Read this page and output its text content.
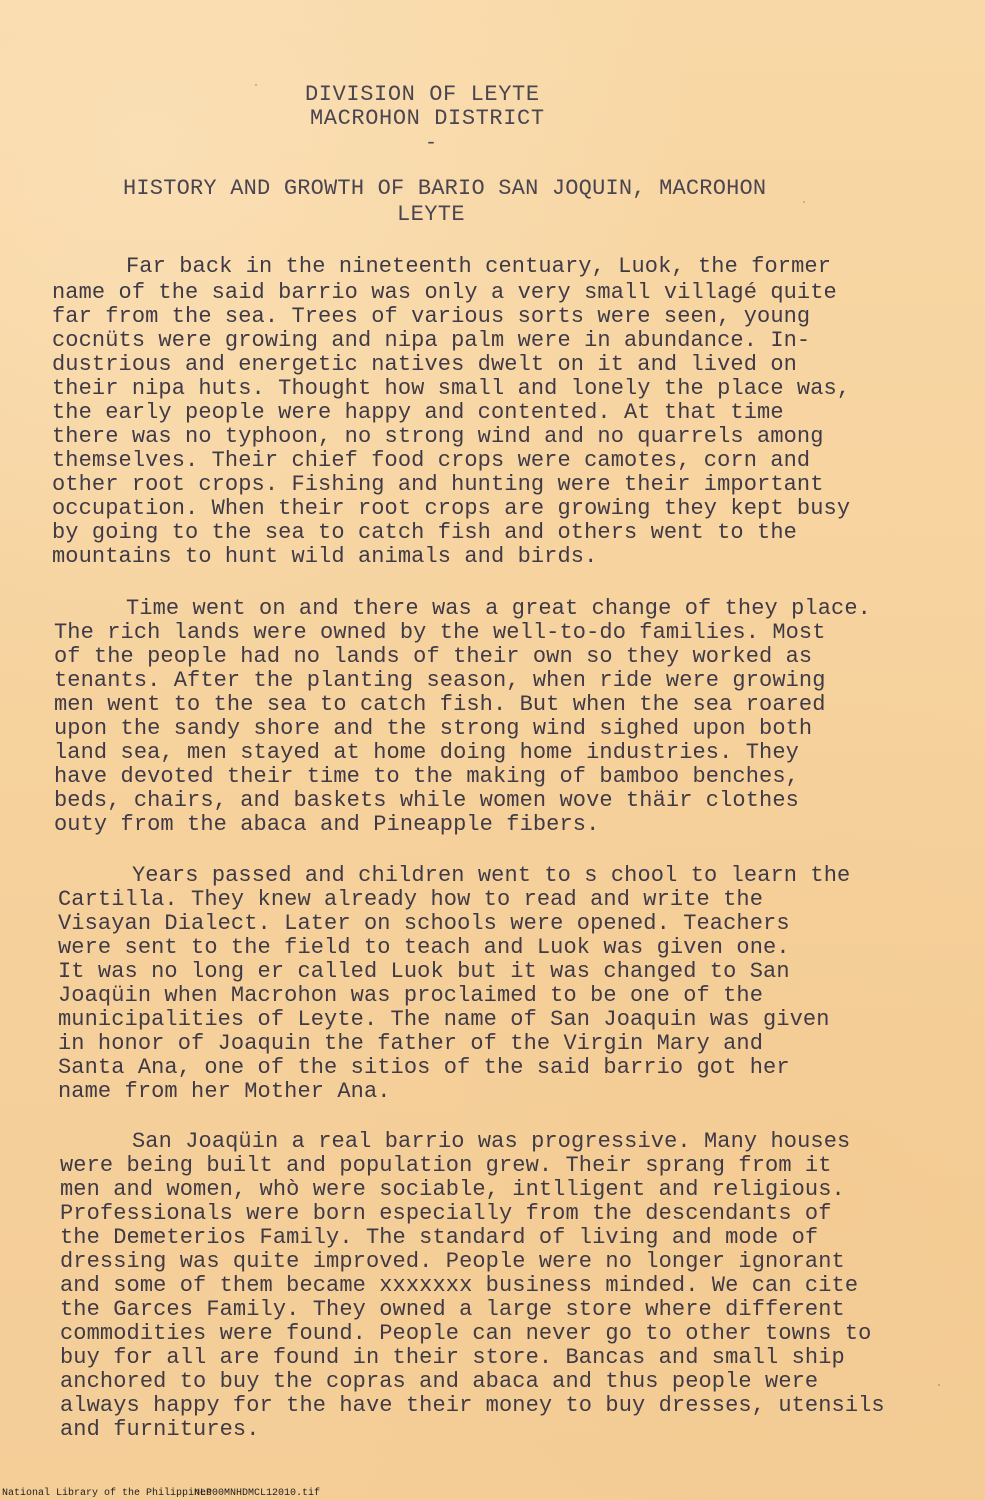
DIVISION OF LEYTE
MACROHON DISTRICT
-
HISTORY AND GROWTH OF BARIO SAN JOQUIN, MACROHON
LEYTE
Far back in the nineteenth centuary, Luok, the former
name of the said barrio was only a very small villagé quite
far from the sea. Trees of various sorts were seen, young
cocnüts were growing and nipa palm were in abundance. In-
dustrious and energetic natives dwelt on it and lived on
their nipa huts. Thought how small and lonely the place was,
the early people were happy and contented. At that time
there was no typhoon, no strong wind and no quarrels among
themselves. Their chief food crops were camotes, corn and
other root crops. Fishing and hunting were their important
occupation. When their root crops are growing they kept busy
by going to the sea to catch fish and others went to the
mountains to hunt wild animals and birds.
Time went on and there was a great change of they place.
The rich lands were owned by the well-to-do families. Most
of the people had no lands of their own so they worked as
tenants. After the planting season, when ride were growing
men went to the sea to catch fish. But when the sea roared
upon the sandy shore and the strong wind sighed upon both
land sea, men stayed at home doing home industries. They
have devoted their time to the making of bamboo benches,
beds, chairs, and baskets while women wove thäir clothes
outy from the abaca and Pineapple fibers.
Years passed and children went to s chool to learn the
Cartilla. They knew already how to read and write the
Visayan Dialect. Later on schools were opened. Teachers
were sent to the field to teach and Luok was given one.
It was no long er called Luok but it was changed to San
Joaqüin when Macrohon was proclaimed to be one of the
municipalities of Leyte. The name of San Joaquin was given
in honor of Joaquin the father of the Virgin Mary and
Santa Ana, one of the sitios of the said barrio got her
name from her Mother Ana.
San Joaqüin a real barrio was progressive. Many houses
were being built and population grew. Their sprang from it
men and women, whò were sociable, intlligent and religious.
Professionals were born especially from the descendants of
the Demeterios Family. The standard of living and mode of
dressing was quite improved. People were no longer ignorant
and some of them became xxxxxxx business minded. We can cite
the Garces Family. They owned a large store where different
commodities were found. People can never go to other towns to
buy for all are found in their store. Bancas and small ship
anchored to buy the copras and abaca and thus people were
always happy for the have their money to buy dresses, utensils
and furnitures.
National Library of the Philippines
NLP00MNHDMCL12010.tif
